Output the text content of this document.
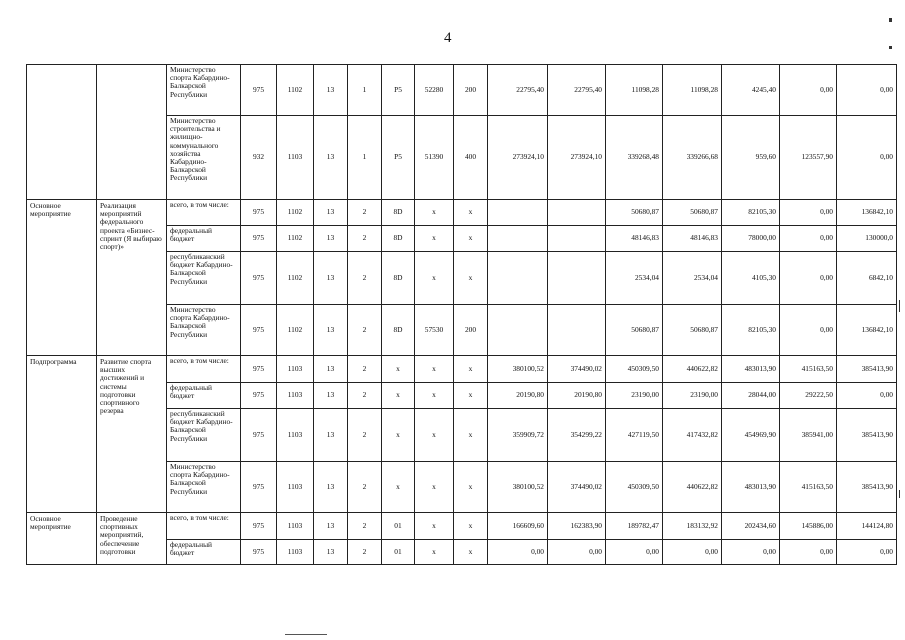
4
		Министерство спорта Кабардино-Балкарской Республики	975	1102	13	1	P5	52280	200	22795,40	22795,40	11098,28	11098,28	4245,40	0,00	0,00
		Министерство строительства и жилищно-коммунального хозяйства Кабардино-Балкарской Республики	932	1103	13	1	P5	51390	400	273924,10	273924,10	339268,48	339266,68	959,60	123557,90	0,00
Основное мероприятие	Реализация мероприятий федерального проекта «Бизнес-спринт (Я выбираю спорт)»	всего, в том числе:	975	1102	13	2	8D	x	x			50680,87	50680,87	82105,30	0,00	136842,10
		федеральный бюджет	975	1102	13	2	8D	x	x			48146,83	48146,83	78000,00	0,00	130000,0
		республиканский бюджет Кабардино-Балкарской Республики	975	1102	13	2	8D	x	x			2534,04	2534,04	4105,30	0,00	6842,10
		Министерство спорта Кабардино-Балкарской Республики	975	1102	13	2	8D	57530	200			50680,87	50680,87	82105,30	0,00	136842,10
Подпрограмма	Развитие спорта высших достижений и системы подготовки спортивного резерва	всего, в том числе:	975	1103	13	2	x	x	x	380100,52	374490,02	450309,50	440622,82	483013,90	415163,50	385413,90
		федеральный бюджет	975	1103	13	2	x	x	x	20190,80	20190,80	23190,00	23190,00	28044,00	29222,50	0,00
		республиканский бюджет Кабардино-Балкарской Республики	975	1103	13	2	x	x	x	359909,72	354299,22	427119,50	417432,82	454969,90	385941,00	385413,90
		Министерство спорта Кабардино-Балкарской Республики	975	1103	13	2	x	x	x	380100,52	374490,02	450309,50	440622,82	483013,90	415163,50	385413,90
Основное мероприятие	Проведение спортивных мероприятий, обеспечение подготовки	всего, в том числе:	975	1103	13	2	01	x	x	166609,60	162383,90	189782,47	183132,92	202434,60	145886,00	144124,80
		федеральный бюджет	975	1103	13	2	01	x	x	0,00	0,00	0,00	0,00	0,00	0,00	0,00
